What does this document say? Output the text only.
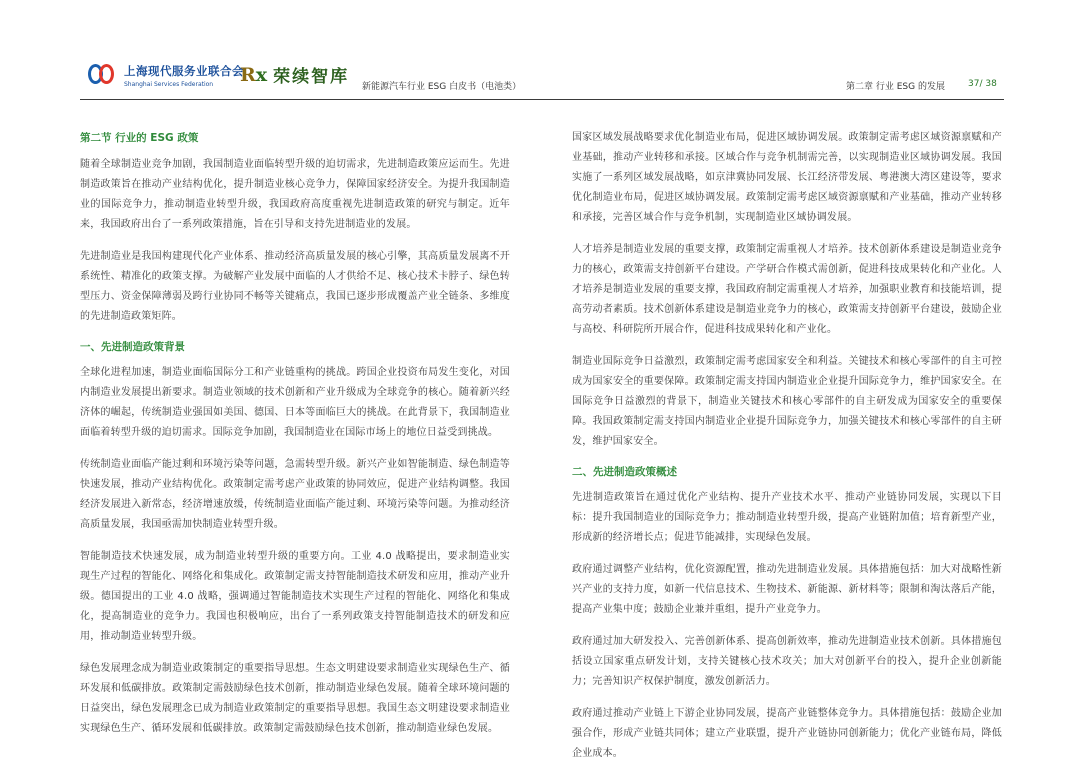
上海现代服务业联合会
Shanghai Services Federation	Rx 荣续智库 新能源汽车行业 ESG 白皮书（电池类）	第二章 行业 ESG 的发展	37/ 38
第二节 行业的 ESG 政策

随着全球制造业竞争加剧，我国制造业面临转型升级的迫切需求，先进制造政策应运而生。先进制造政策旨在推动产业结构优化，提升制造业核心竞争力，保障国家经济安全。为提升我国制造业的国际竞争力，推动制造业转型升级，我国政府高度重视先进制造政策的研究与制定。近年来，我国政府出台了一系列政策措施，旨在引导和支持先进制造业的发展。

先进制造业是我国构建现代化产业体系、推动经济高质量发展的核心引擎，其高质量发展离不开系统性、精准化的政策支撑。为破解产业发展中面临的人才供给不足、核心技术卡脖子、绿色转型压力、资金保障薄弱及跨行业协同不畅等关键痛点，我国已逐步形成覆盖产业全链条、多维度的先进制造政策矩阵。

一、先进制造政策背景

全球化进程加速，制造业面临国际分工和产业链重构的挑战。跨国企业投资布局发生变化，对国内制造业发展提出新要求。制造业领域的技术创新和产业升级成为全球竞争的核心。随着新兴经济体的崛起，传统制造业强国如美国、德国、日本等面临巨大的挑战。在此背景下，我国制造业面临着转型升级的迫切需求。国际竞争加剧，我国制造业在国际市场上的地位日益受到挑战。

传统制造业面临产能过剩和环境污染等问题，急需转型升级。新兴产业如智能制造、绿色制造等快速发展，推动产业结构优化。政策制定需考虑产业政策的协同效应，促进产业结构调整。我国经济发展进入新常态，经济增速放缓，传统制造业面临产能过剩、环境污染等问题。为推动经济高质量发展，我国亟需加快制造业转型升级。

智能制造技术快速发展，成为制造业转型升级的重要方向。工业 4.0 战略提出，要求制造业实现生产过程的智能化、网络化和集成化。政策制定需支持智能制造技术研发和应用，推动产业升级。德国提出的工业 4.0 战略，强调通过智能制造技术实现生产过程的智能化、网络化和集成化，提高制造业的竞争力。我国也积极响应，出台了一系列政策支持智能制造技术的研发和应用，推动制造业转型升级。

绿色发展理念成为制造业政策制定的重要指导思想。生态文明建设要求制造业实现绿色生产、循环发展和低碳排放。政策制定需鼓励绿色技术创新，推动制造业绿色发展。随着全球环境问题的日益突出，绿色发展理念已成为制造业政策制定的重要指导思想。我国生态文明建设要求制造业实现绿色生产、循环发展和低碳排放。政策制定需鼓励绿色技术创新，推动制造业绿色发展。

国家区域发展战略要求优化制造业布局，促进区域协调发展。政策制定需考虑区域资源禀赋和产业基础，推动产业转移和承接。区域合作与竞争机制需完善，以实现制造业区域协调发展。我国实施了一系列区域发展战略，如京津冀协同发展、长江经济带发展、粤港澳大湾区建设等，要求优化制造业布局，促进区域协调发展。政策制定需考虑区域资源禀赋和产业基础，推动产业转移和承接，完善区域合作与竞争机制，实现制造业区域协调发展。

人才培养是制造业发展的重要支撑，政策制定需重视人才培养。技术创新体系建设是制造业竞争力的核心，政策需支持创新平台建设。产学研合作模式需创新，促进科技成果转化和产业化。人才培养是制造业发展的重要支撑，我国政府制定需重视人才培养，加强职业教育和技能培训，提高劳动者素质。技术创新体系建设是制造业竞争力的核心，政策需支持创新平台建设，鼓励企业与高校、科研院所开展合作，促进科技成果转化和产业化。

制造业国际竞争日益激烈，政策制定需考虑国家安全和利益。关键技术和核心零部件的自主可控成为国家安全的重要保障。政策制定需支持国内制造业企业提升国际竞争力，维护国家安全。在国际竞争日益激烈的背景下，制造业关键技术和核心零部件的自主研发成为国家安全的重要保障。我国政策制定需支持国内制造业企业提升国际竞争力，加强关键技术和核心零部件的自主研发，维护国家安全。

二、先进制造政策概述

先进制造政策旨在通过优化产业结构、提升产业技术水平、推动产业链协同发展，实现以下目标：提升我国制造业的国际竞争力；推动制造业转型升级，提高产业链附加值；培育新型产业，形成新的经济增长点；促进节能减排，实现绿色发展。

政府通过调整产业结构，优化资源配置，推动先进制造业发展。具体措施包括：加大对战略性新兴产业的支持力度，如新一代信息技术、生物技术、新能源、新材料等；限制和淘汰落后产能，提高产业集中度；鼓励企业兼并重组，提升产业竞争力。

政府通过加大研发投入、完善创新体系、提高创新效率，推动先进制造业技术创新。具体措施包括设立国家重点研发计划，支持关键核心技术攻关；加大对创新平台的投入，提升企业创新能力；完善知识产权保护制度，激发创新活力。

政府通过推动产业链上下游企业协同发展，提高产业链整体竞争力。具体措施包括：鼓励企业加强合作，形成产业链共同体；建立产业联盟，提升产业链协同创新能力；优化产业链布局，降低企业成本。
